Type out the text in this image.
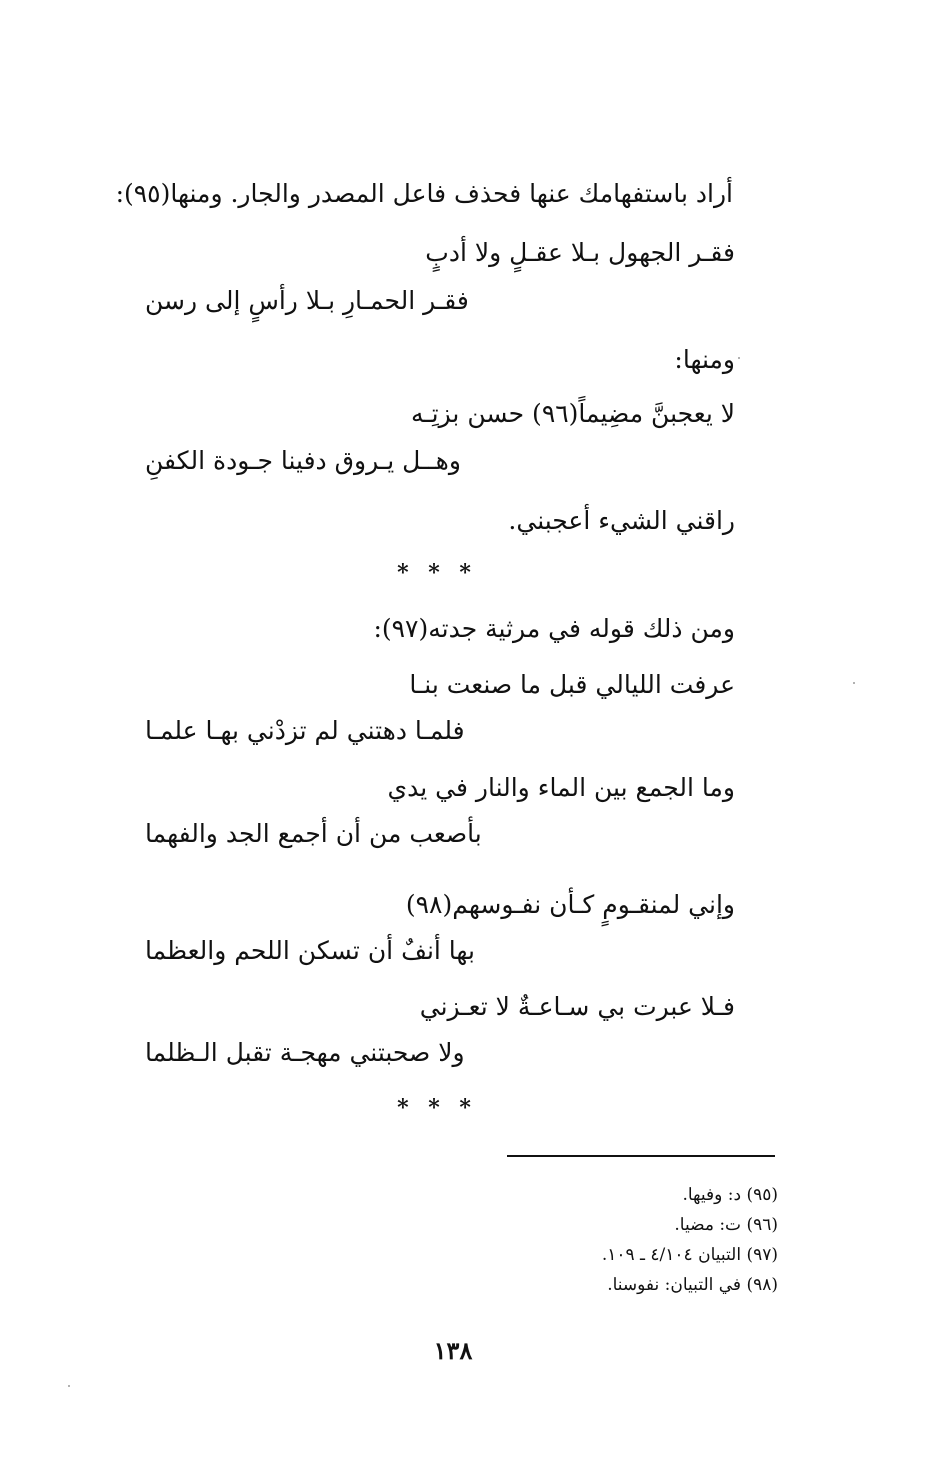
أراد باستفهامك عنها فحذف فاعل المصدر والجار. ومنها(٩٥):
فقـر الجهول بـلا عقـلٍ ولا أدبٍ
فقـر الحمـارِ بـلا رأسٍ إلى رسن
ومنها:
لا يعجبنَّ مضِيماً(٩٦) حسن بزتِـه
وهــل يـروق دفينا جـودة الكفنِ
راقني الشيء أعجبني.
* * *
ومن ذلك قوله في مرثية جدته(٩٧):
عرفت الليالي قبل ما صنعت بنـا
فلمـا دهتني لم تزدْني بهـا علمـا
وما الجمع بين الماء والنار في يدي
بأصعب من أن أجمع الجد والفهما
وإني لمنقـومٍ كـأن نفـوسهم(٩٨)
بها أنفٌ أن تسكن اللحم والعظما
فـلا عبرت بي سـاعـةٌ لا تعـزني
ولا صحبتني مهجـة تقبل الـظلما
* * *
(٩٥) د: وفيها.
(٩٦) ت: مضيا.
(٩٧) التبيان ٤/١٠٤ ـ ١٠٩.
(٩٨) في التبيان: نفوسنا.
١٣٨
